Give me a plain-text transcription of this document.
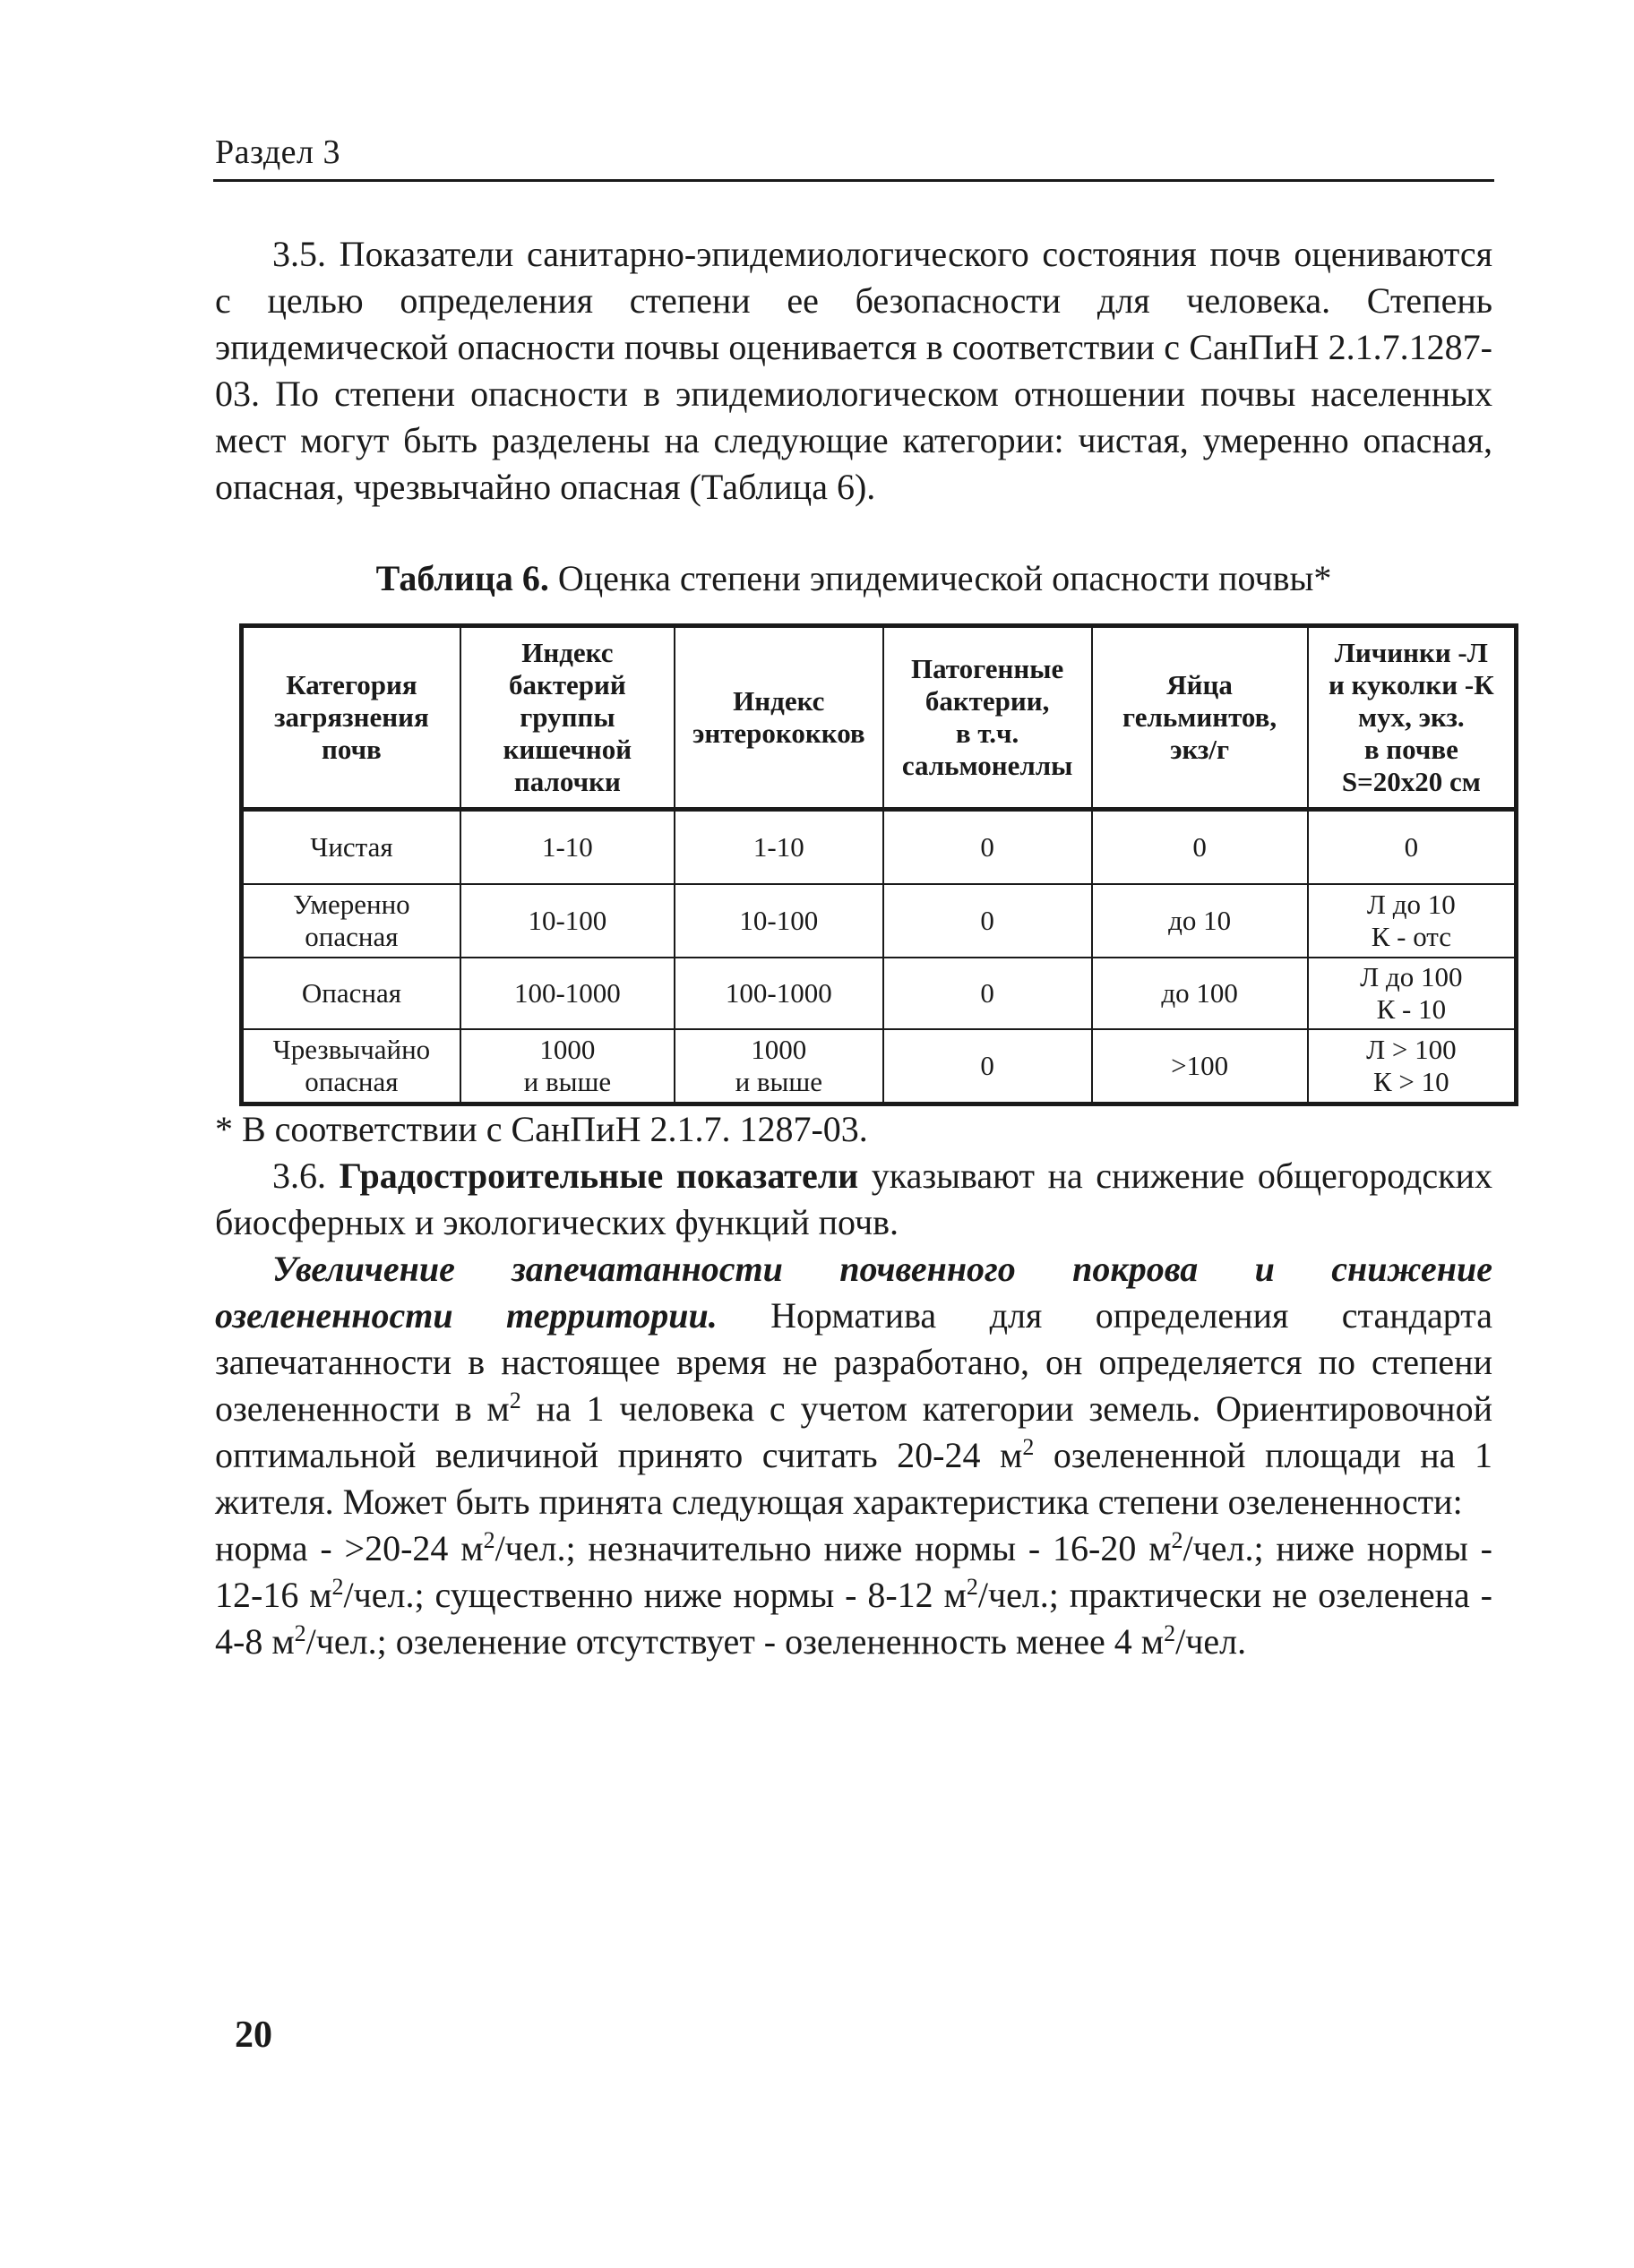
Раздел 3

3.5. Показатели санитарно-эпидемиологического состояния почв оцениваются с целью определения степени ее безопасности для человека. Степень эпидемической опасности почвы оценивается в соответствии с СанПиН 2.1.7.1287-03. По степени опасности в эпидемиологическом отношении почвы населенных мест могут быть разделены на следующие категории: чистая, умеренно опасная, опасная, чрезвычайно опасная (Таблица 6).

Таблица 6. Оценка степени эпидемической опасности почвы*
Категория
загрязнения
почв	Индекс
бактерий
группы
кишечной
палочки	Индекс
энтерококков	Патогенные
бактерии,
в т.ч.
сальмонеллы	Яйца
гельминтов,
экз/г	Личинки -Л
и куколки -К
мух, экз.
в почве
S=20x20 см

Чистая	1-10	1-10	0	0	0

Умеренно
опасная	10-100	10-100	0	до 10	Л до 10
К - отс

Опасная	100-1000	100-1000	0	до 100	Л до 100
К - 10

Чрезвычайно
опасная	1000
и выше	1000
и выше	0	>100	Л > 100
К > 10

* В соответствии с СанПиН 2.1.7. 1287-03.

3.6. Градостроительные показатели указывают на снижение общегородских биосферных и экологических функций почв.

Увеличение запечатанности почвенного покрова и снижение озелененности территории. Норматива для определения стандарта запечатанности в настоящее время не разработано, он определяется по степени озелененности в $м^2$ на 1 человека с учетом категории земель. Ориентировочной оптимальной величиной принято считать 20-24 $м^2$ озелененной площади на 1 жителя. Может быть принята следующая характеристика степени озелененности:

норма - >20-24 $м^2$/чел.; незначительно ниже нормы - 16-20 $м^2$/чел.; ниже нормы - 12-16 $м^2$/чел.; существенно ниже нормы - 8-12 $м^2$/чел.; практически не озеленена - 4-8 $м^2$/чел.; озеленение отсутствует - озелененность менее 4 $м^2$/чел.

20
